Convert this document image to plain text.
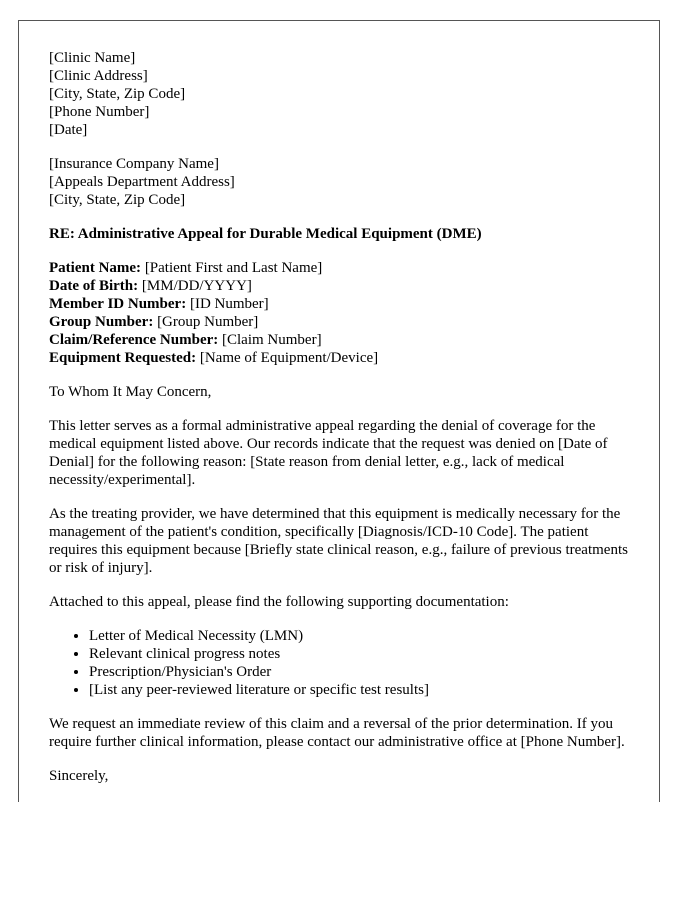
[Clinic Name]
[Clinic Address]
[City, State, Zip Code]
[Phone Number]
[Date]
[Insurance Company Name]
[Appeals Department Address]
[City, State, Zip Code]
RE: Administrative Appeal for Durable Medical Equipment (DME)
Patient Name: [Patient First and Last Name]
Date of Birth: [MM/DD/YYYY]
Member ID Number: [ID Number]
Group Number: [Group Number]
Claim/Reference Number: [Claim Number]
Equipment Requested: [Name of Equipment/Device]

To Whom It May Concern,

This letter serves as a formal administrative appeal regarding the denial of coverage for the medical equipment listed above. Our records indicate that the request was denied on [Date of Denial] for the following reason: [State reason from denial letter, e.g., lack of medical necessity/experimental].

As the treating provider, we have determined that this equipment is medically necessary for the management of the patient's condition, specifically [Diagnosis/ICD-10 Code]. The patient requires this equipment because [Briefly state clinical reason, e.g., failure of previous treatments or risk of injury].

Attached to this appeal, please find the following supporting documentation:

• Letter of Medical Necessity (LMN)
• Relevant clinical progress notes
• Prescription/Physician's Order
• [List any peer-reviewed literature or specific test results]

We request an immediate review of this claim and a reversal of the prior determination. If you require further clinical information, please contact our administrative office at [Phone Number].

Sincerely,
